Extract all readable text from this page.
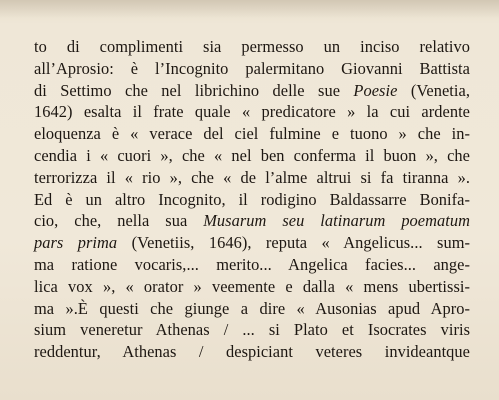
to di complimenti sia permesso un inciso relativo
all’Aprosio: è l’Incognito palermitano Giovanni Battista
di Settimo che nel librichino delle sue Poesie (Venetia,
1642) esalta il frate quale « predicatore » la cui ardente
eloquenza è « verace del ciel fulmine e tuono » che in-
cendia i « cuori », che « nel ben conferma il buon », che
terrorizza il « rio », che « de l’alme altrui si fa tiranna ».
Ed è un altro Incognito, il rodigino Baldassarre Bonifa-
cio, che, nella sua Musarum seu latinarum poematum
pars prima (Venetiis, 1646), reputa « Angelicus... sum-
ma ratione vocaris,... merito... Angelica facies... ange-
lica vox », « orator » veemente e dalla « mens ubertissi-
ma ».È questi che giunge a dire « Ausonias apud Apro-
sium veneretur Athenas / ... si Plato et Isocrates viris
reddentur, Athenas / despiciant veteres invideantque
